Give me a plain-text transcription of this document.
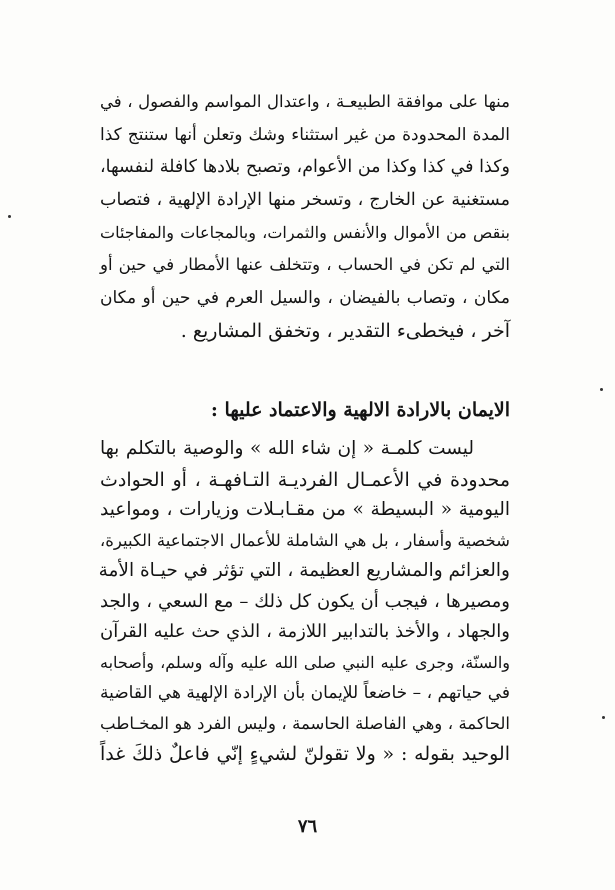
منها على موافقة الطبيعـة ، واعتدال المواسم والفصول ، في
المدة المحدودة من غير استثناء وشك وتعلن أنها ستنتج كذا
وكذا في كذا وكذا من الأعوام، وتصبح بلادها كافلة لنفسها،
مستغنية عن الخارج ، وتسخر منها الإرادة الإلهية ، فتصاب
بنقص من الأموال والأنفس والثمرات، وبالمجاعات والمفاجئات
التي لم تكن في الحساب ، وتتخلف عنها الأمطار في حين أو
مكان ، وتصاب بالفيضان ، والسيل العرم في حين أو مكان
آخر ، فيخطىء التقدير ، وتخفق المشاريع .
الايمان بالارادة الالهية والاعتماد عليها :
ليست كلمـة « إن شاء الله » والوصية بالتكلم بها
محدودة في الأعمـال الفرديـة التـافهـة ، أو الحوادث
اليومية « البسيطة » من مقـابـلات وزيارات ، ومواعيد
شخصية وأسفار ، بل هي الشاملة للأعمال الاجتماعية الكبيرة،
والعزائم والمشاريع العظيمة ، التي تؤثر في حيـاة الأمة
ومصيرها ، فيجب أن يكون كل ذلك – مع السعي ، والجد
والجهاد ، والأخذ بالتدابير اللازمة ، الذي حث عليه القرآن
والسنّة، وجرى عليه النبي صلى الله عليه وآله وسلم، وأصحابه
في حياتهم ، – خاضعاً للإيمان بأن الإرادة الإلهية هي القاضية
الحاكمة ، وهي الفاصلة الحاسمة ، وليس الفرد هو المخـاطب
الوحيد بقوله : « ولا تقولنّ لشيءٍ إنّي فاعلٌ ذلكَ غداً
٧٦
